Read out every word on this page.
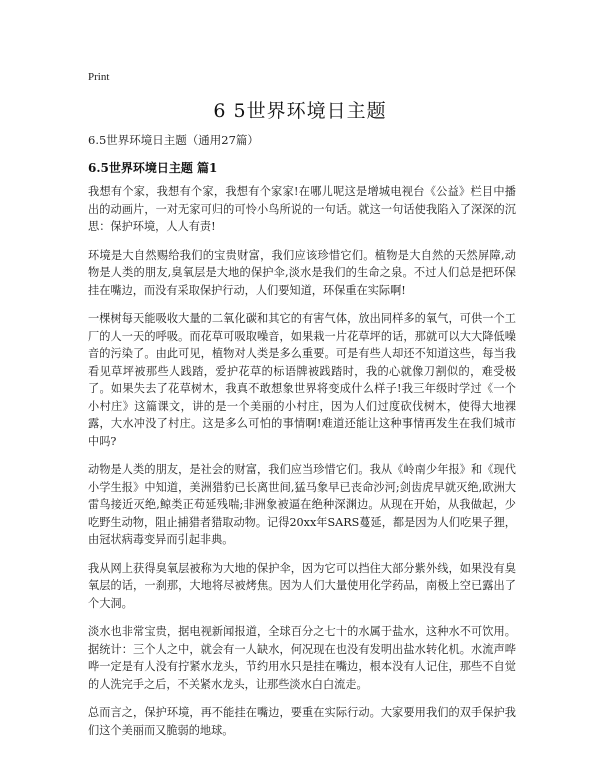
Print
6 5世界环境日主题
6.5世界环境日主题（通用27篇）
6.5世界环境日主题 篇1

我想有个家，我想有个家，我想有个家家!在哪儿呢这是增城电视台《公益》栏目中播出的动画片，一对无家可归的可怜小鸟所说的一句话。就这一句话使我陷入了深深的沉思：保护环境，人人有责!

环境是大自然赐给我们的宝贵财富，我们应该珍惜它们。植物是大自然的天然屏障,动物是人类的朋友,臭氧层是大地的保护伞,淡水是我们的生命之泉。不过人们总是把环保挂在嘴边，而没有采取保护行动，人们要知道，环保重在实际啊!

一棵树每天能吸收大量的二氧化碳和其它的有害气体，放出同样多的氧气，可供一个工厂的人一天的呼吸。而花草可吸取噪音，如果栽一片花草坪的话，那就可以大大降低噪音的污染了。由此可见，植物对人类是多么重要。可是有些人却还不知道这些，每当我看见草坪被那些人践踏，爱护花草的标语牌被践踏时，我的心就像刀割似的，难受极了。如果失去了花草树木，我真不敢想象世界将变成什么样子!我三年级时学过《一个小村庄》这篇课文，讲的是一个美丽的小村庄，因为人们过度砍伐树木，使得大地裸露，大水冲没了村庄。这是多么可怕的事情啊!难道还能让这种事情再发生在我们城市中吗?

动物是人类的朋友，是社会的财富，我们应当珍惜它们。我从《岭南少年报》和《现代小学生报》中知道，美洲猎豹已长离世间,猛马象早已丧命沙河;剑齿虎早就灭绝,欧洲大雷鸟接近灭绝,鲸类正苟延残喘;非洲象被逼在绝种深渊边。从现在开始，从我做起，少吃野生动物，阻止捕猎者猎取动物。记得20xx年SARS蔓延，都是因为人们吃果子狸，由冠状病毒变异而引起非典。

我从网上获得臭氧层被称为大地的保护伞，因为它可以挡住大部分紫外线，如果没有臭氧层的话，一刹那，大地将尽被烤焦。因为人们大量使用化学药品，南极上空已露出了个大洞。

淡水也非常宝贵，据电视新闻报道，全球百分之七十的水属于盐水，这种水不可饮用。据统计：三个人之中，就会有一人缺水，何况现在也没有发明出盐水转化机。水流声哗哗一定是有人没有拧紧水龙头，节约用水只是挂在嘴边，根本没有人记住，那些不自觉的人洗完手之后，不关紧水龙头，让那些淡水白白流走。

总而言之，保护环境，再不能挂在嘴边，要重在实际行动。大家要用我们的双手保护我们这个美丽而又脆弱的地球。
